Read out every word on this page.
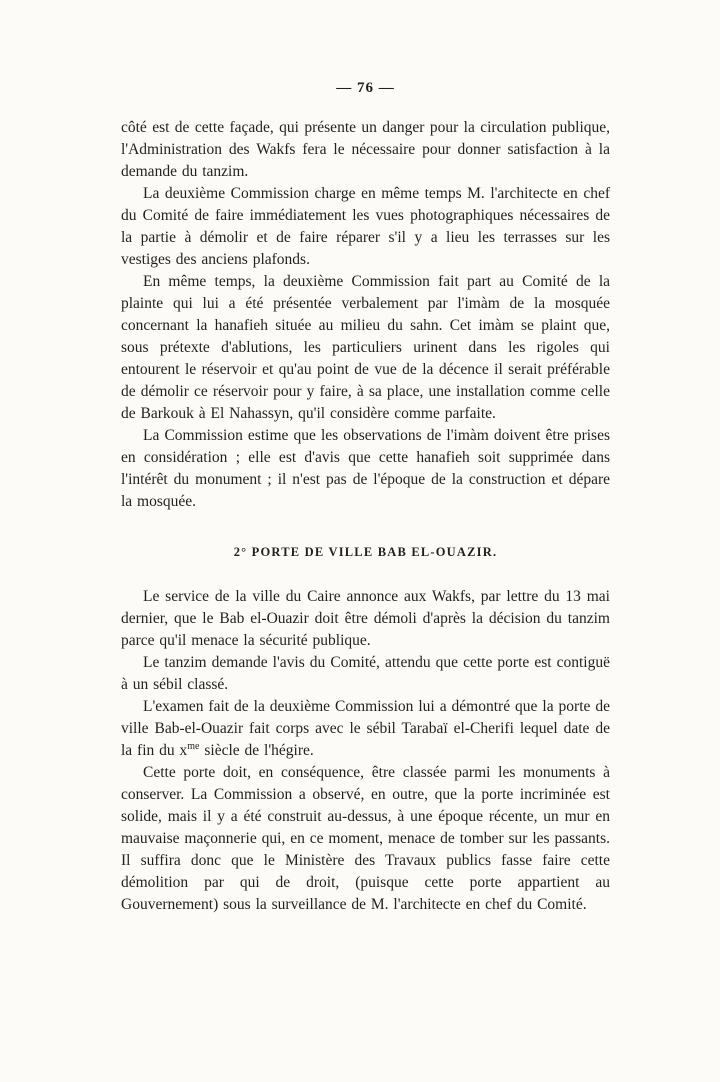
— 76 —

côté est de cette façade, qui présente un danger pour la circulation publique, l'Administration des Wakfs fera le nécessaire pour donner satisfaction à la demande du tanzim.

La deuxième Commission charge en même temps M. l'architecte en chef du Comité de faire immédiatement les vues photographiques nécessaires de la partie à démolir et de faire réparer s'il y a lieu les terrasses sur les vestiges des anciens plafonds.

En même temps, la deuxième Commission fait part au Comité de la plainte qui lui a été présentée verbalement par l'imàm de la mosquée concernant la hanafieh située au milieu du sahn. Cet imàm se plaint que, sous prétexte d'ablutions, les particuliers urinent dans les rigoles qui entourent le réservoir et qu'au point de vue de la décence il serait préférable de démolir ce réservoir pour y faire, à sa place, une installation comme celle de Barkouk à El Nahassyn, qu'il considère comme parfaite.

La Commission estime que les observations de l'imàm doivent être prises en considération ; elle est d'avis que cette hanafieh soit supprimée dans l'intérêt du monument ; il n'est pas de l'époque de la construction et dépare la mosquée.

2° PORTE DE VILLE BAB EL-OUAZIR.

Le service de la ville du Caire annonce aux Wakfs, par lettre du 13 mai dernier, que le Bab el-Ouazir doit être démoli d'après la décision du tanzim parce qu'il menace la sécurité publique.

Le tanzim demande l'avis du Comité, attendu que cette porte est contiguë à un sébil classé.

L'examen fait de la deuxième Commission lui a démontré que la porte de ville Bab-el-Ouazir fait corps avec le sébil Tarabaï el-Cherifi lequel date de la fin du $x^{me}$ siècle de l'hégire.

Cette porte doit, en conséquence, être classée parmi les monuments à conserver. La Commission a observé, en outre, que la porte incriminée est solide, mais il y a été construit au-dessus, à une époque récente, un mur en mauvaise maçonnerie qui, en ce moment, menace de tomber sur les passants. Il suffira donc que le Ministère des Travaux publics fasse faire cette démolition par qui de droit, (puisque cette porte appartient au Gouvernement) sous la surveillance de M. l'architecte en chef du Comité.
